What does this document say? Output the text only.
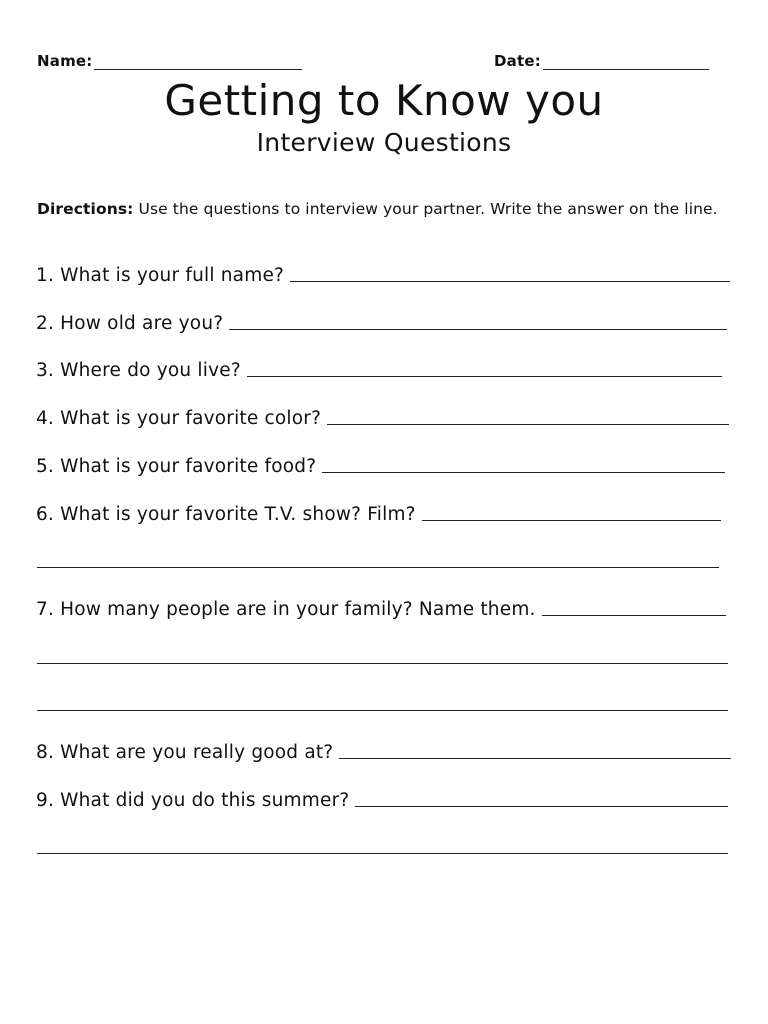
Name:	Date:
Getting to Know you
Interview Questions
Directions: Use the questions to interview your partner. Write the answer on the line.
1. What is your full name?
2. How old are you?
3. Where do you live?
4. What is your favorite color?
5. What is your favorite food?
6. What is your favorite T.V. show? Film?
7. How many people are in your family? Name them.
8. What are you really good at?
9. What did you do this summer?
